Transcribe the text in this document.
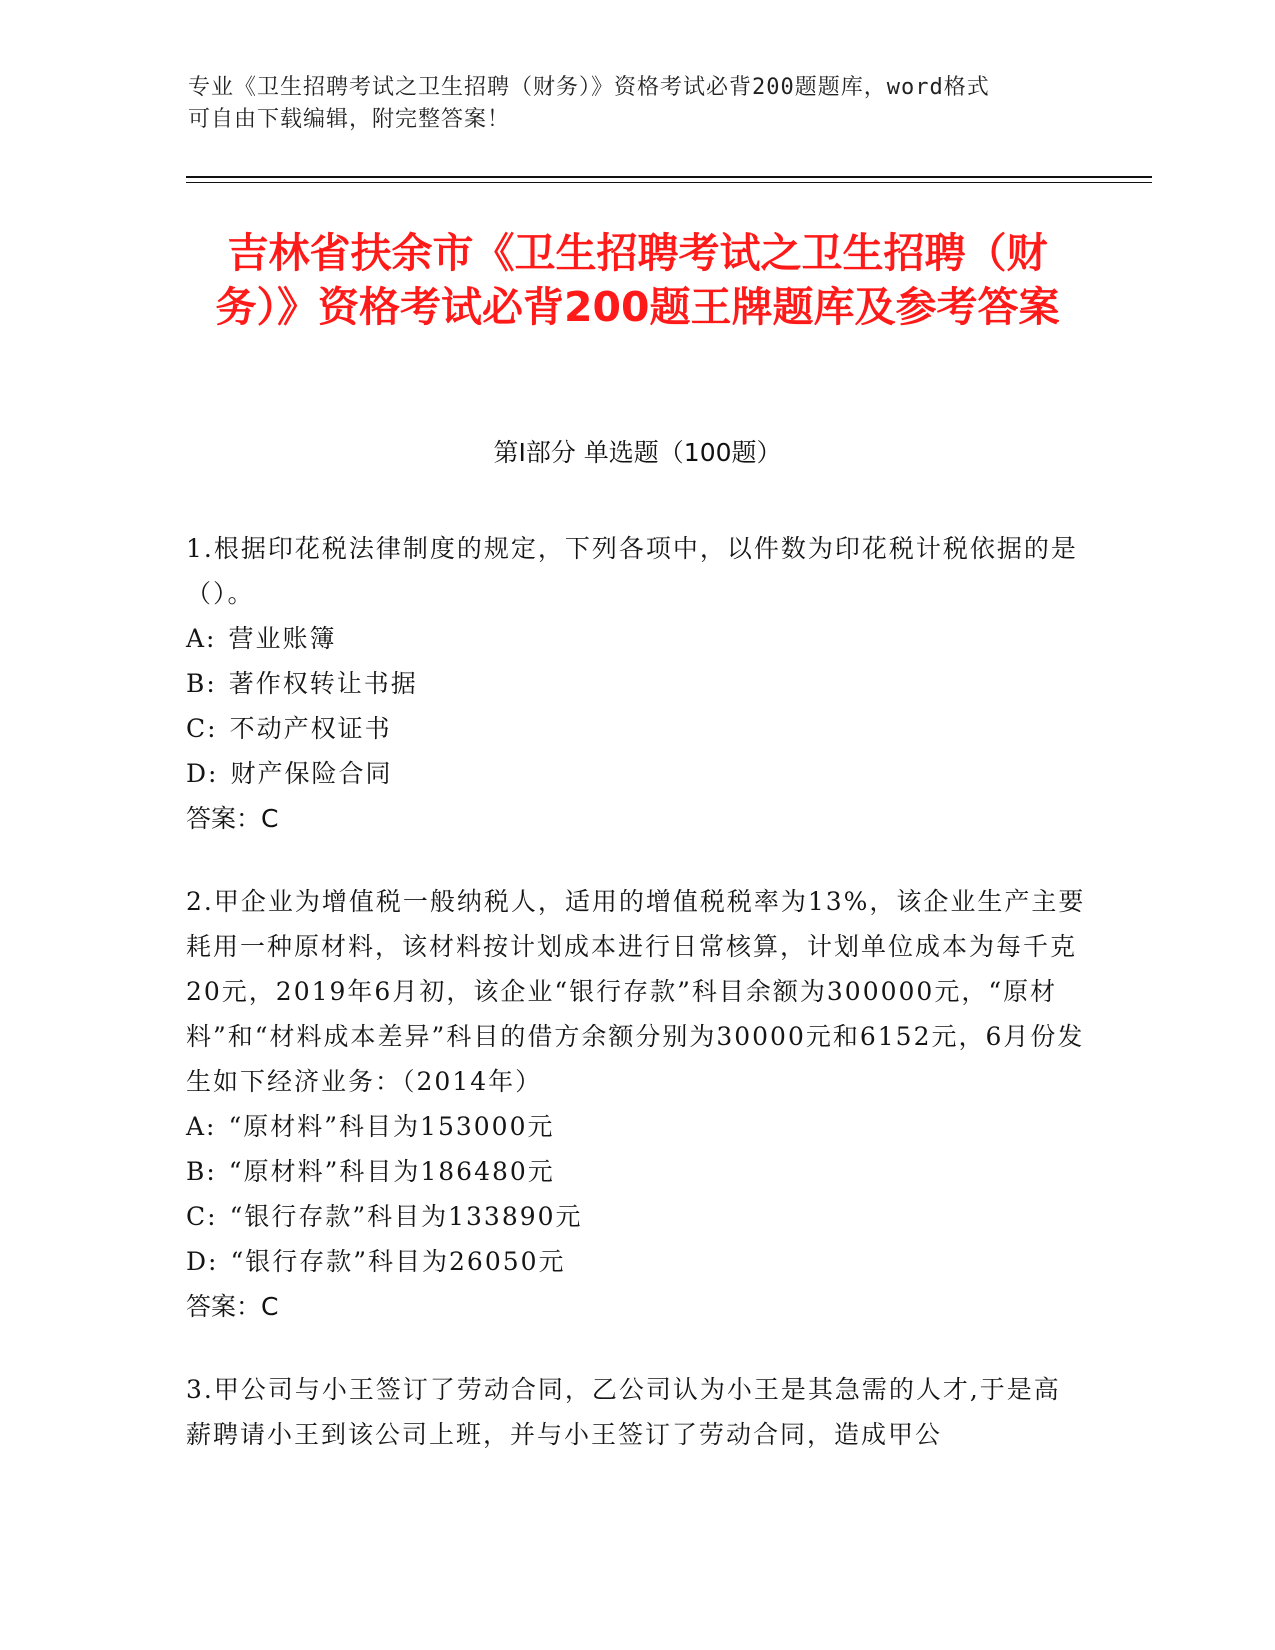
专业《卫生招聘考试之卫生招聘（财务）》资格考试必背200题题库，word格式
可自由下载编辑，附完整答案！
吉林省扶余市《卫生招聘考试之卫生招聘（财务）》资格考试必背200题王牌题库及参考答案
第Ⅰ部分 单选题（100题）
1.根据印花税法律制度的规定，下列各项中，以件数为印花税计税依据的是（）。
A: 营业账簿
B: 著作权转让书据
C: 不动产权证书
D: 财产保险合同
答案：C
2.甲企业为增值税一般纳税人，适用的增值税税率为13%，该企业生产主要耗用一种原材料，该材料按计划成本进行日常核算，计划单位成本为每千克20元，2019年6月初，该企业“银行存款”科目余额为300000元，“原材料”和“材料成本差异”科目的借方余额分别为30000元和6152元，6月份发生如下经济业务：（2014年）
A: “原材料”科目为153000元
B: “原材料”科目为186480元
C: “银行存款”科目为133890元
D: “银行存款”科目为26050元
答案：C
3.甲公司与小王签订了劳动合同，乙公司认为小王是其急需的人才,于是高薪聘请小王到该公司上班，并与小王签订了劳动合同，造成甲公
